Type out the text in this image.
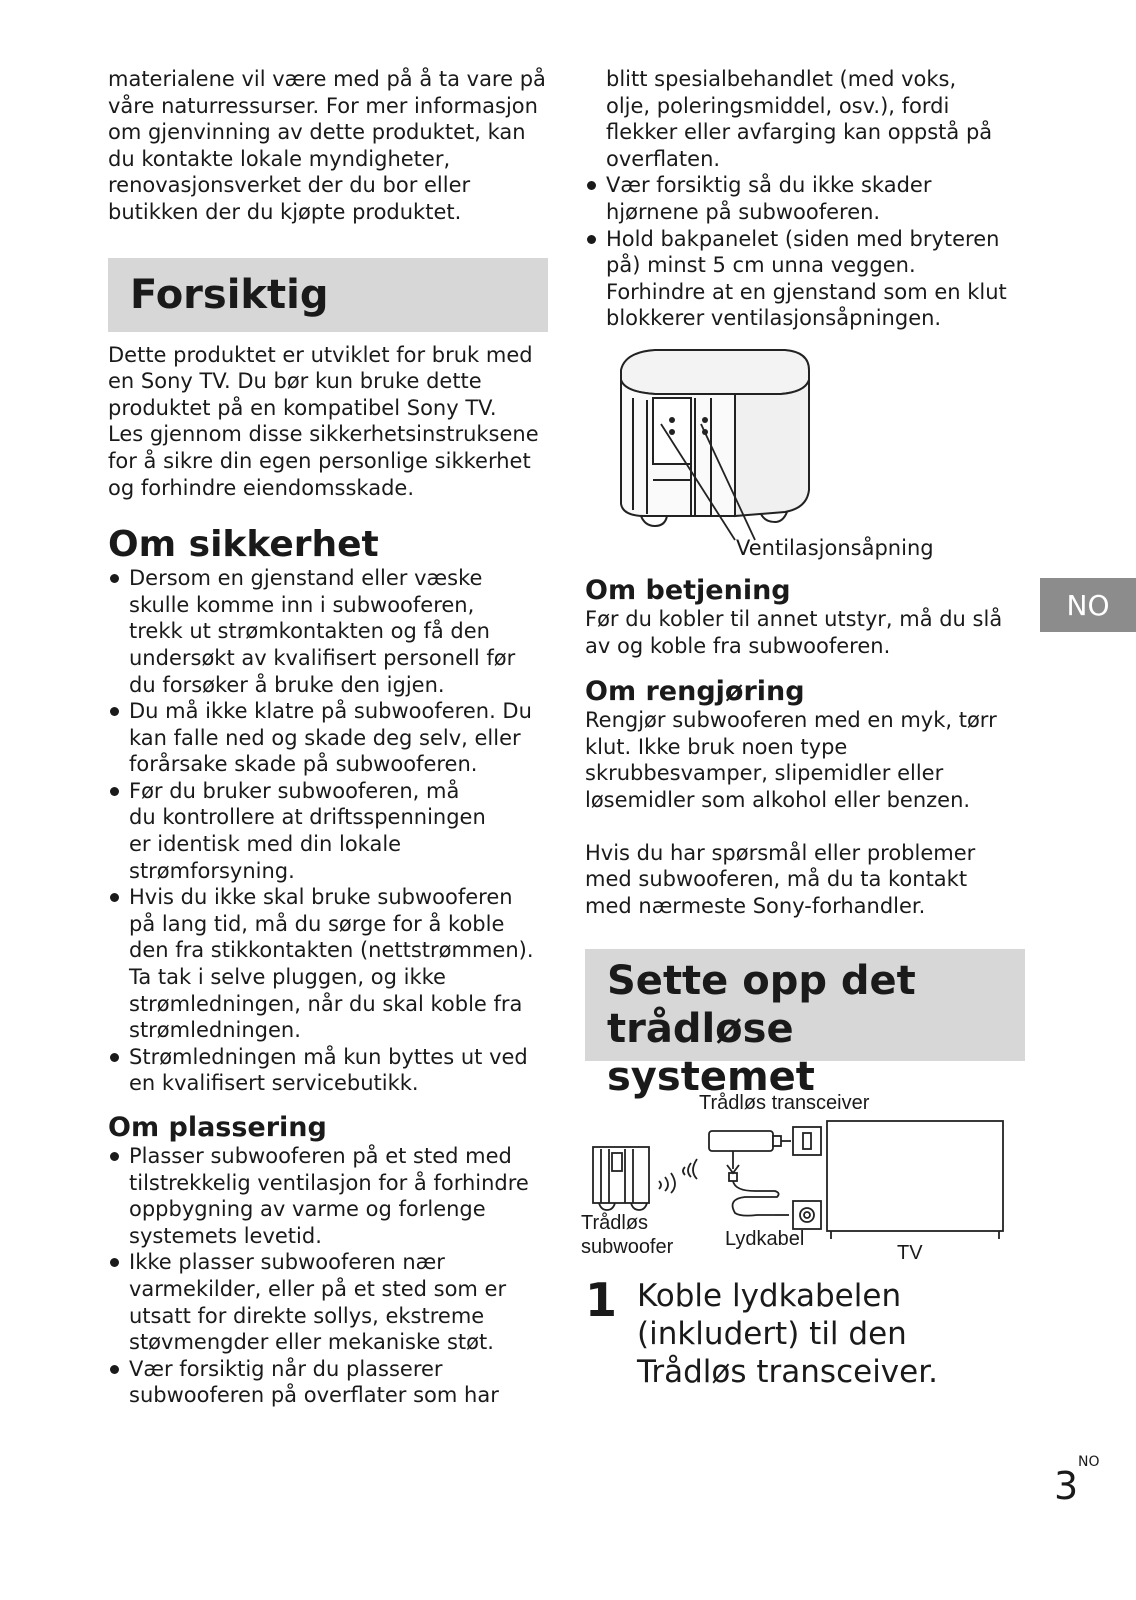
materialene vil være med på å ta vare på
våre naturressurser. For mer informasjon
om gjenvinning av dette produktet, kan
du kontakte lokale myndigheter,
renovasjonsverket der du bor eller
butikken der du kjøpte produktet.

Forsiktig

Dette produktet er utviklet for bruk med
en Sony TV. Du bør kun bruke dette
produktet på en kompatibel Sony TV.
Les gjennom disse sikkerhetsinstruksene
for å sikre din egen personlige sikkerhet
og forhindre eiendomsskade.

Om sikkerhet
Dersom en gjenstand eller væske
skulle komme inn i subwooferen,
trekk ut strømkontakten og få den
undersøkt av kvalifisert personell før
du forsøker å bruke den igjen.
Du må ikke klatre på subwooferen. Du
kan falle ned og skade deg selv, eller
forårsake skade på subwooferen.
Før du bruker subwooferen, må
du kontrollere at driftsspenningen
er identisk med din lokale
strømforsyning.
Hvis du ikke skal bruke subwooferen
på lang tid, må du sørge for å koble
den fra stikkontakten (nettstrømmen).
Ta tak i selve pluggen, og ikke
strømledningen, når du skal koble fra
strømledningen.
Strømledningen må kun byttes ut ved
en kvalifisert servicebutikk.
Om plassering
Plasser subwooferen på et sted med
tilstrekkelig ventilasjon for å forhindre
oppbygning av varme og forlenge
systemets levetid.
Ikke plasser subwooferen nær
varmekilder, eller på et sted som er
utsatt for direkte sollys, ekstreme
støvmengder eller mekaniske støt.
Vær forsiktig når du plasserer
subwooferen på overflater som har
blitt spesialbehandlet (med voks,
olje, poleringsmiddel, osv.), fordi
flekker eller avfarging kan oppstå på
overflaten.
Vær forsiktig så du ikke skader
hjørnene på subwooferen.
Hold bakpanelet (siden med bryteren
på) minst 5 cm unna veggen.
Forhindre at en gjenstand som en klut
blokkerer ventilasjonsåpningen.
Ventilasjonsåpning
Om betjening

Før du kobler til annet utstyr, må du slå
av og koble fra subwooferen.

Om rengjøring

Rengjør subwooferen med en myk, tørr
klut. Ikke bruk noen type
skrubbesvamper, slipemidler eller
løsemidler som alkohol eller benzen.

Hvis du har spørsmål eller problemer
med subwooferen, må du ta kontakt
med nærmeste Sony-forhandler.

Sette opp det
trådløse systemet
Trådløs transceiver
Trådløs
subwoofer	Lydkabel
TV
1 Koble lydkabelen
(inkludert) til den
Trådløs transceiver.
NO
NO
3
